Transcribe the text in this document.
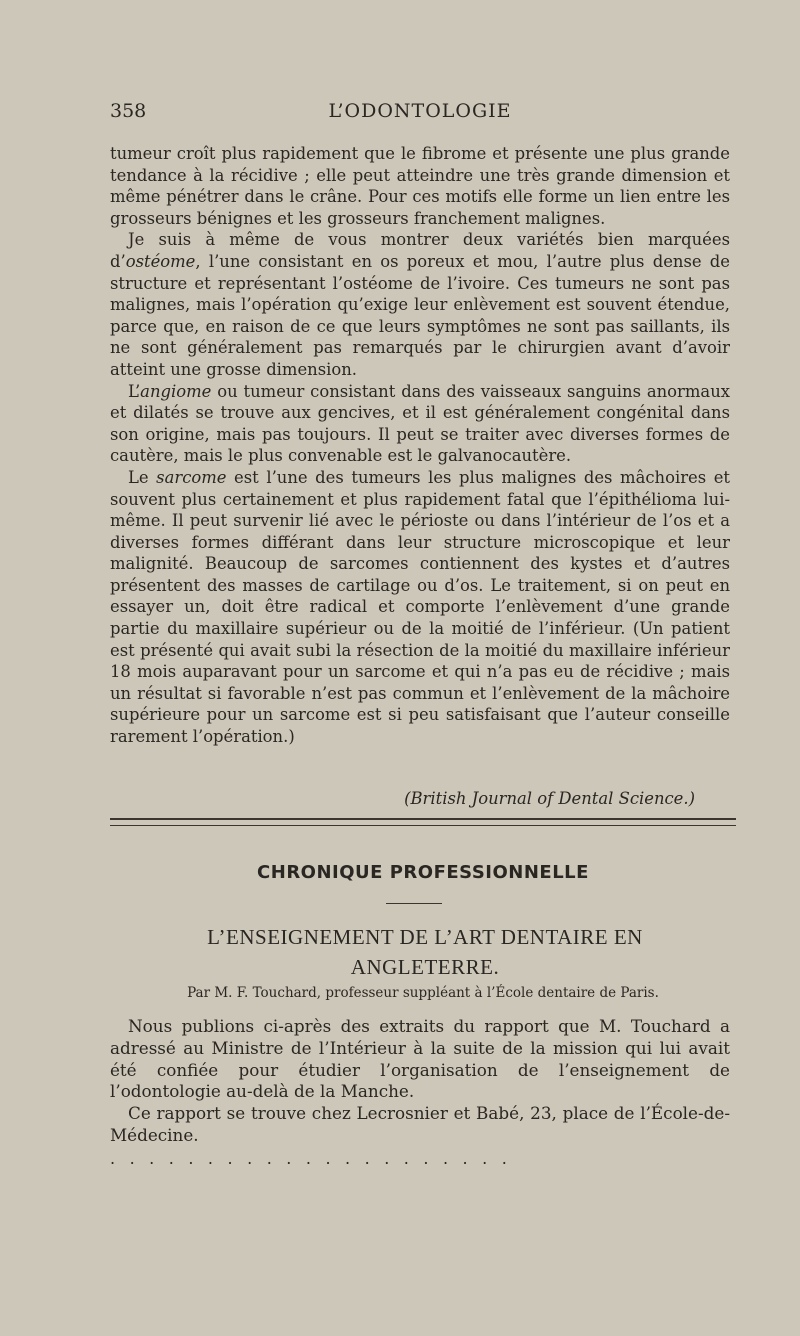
358	L’ODONTOLOGIE

tumeur croît plus rapidement que le fibrome et présente une plus grande tendance à la récidive ; elle peut atteindre une très grande dimension et même pénétrer dans le crâne. Pour ces motifs elle forme un lien entre les grosseurs bénignes et les grosseurs franchement malignes.

Je suis à même de vous montrer deux variétés bien marquées d’ostéome, l’une consistant en os poreux et mou, l’autre plus dense de structure et représentant l’ostéome de l’ivoire. Ces tumeurs ne sont pas malignes, mais l’opération qu’exige leur enlèvement est souvent étendue, parce que, en raison de ce que leurs symptômes ne sont pas saillants, ils ne sont généralement pas remarqués par le chirurgien avant d’avoir atteint une grosse dimension.

L’angiome ou tumeur consistant dans des vaisseaux sanguins anormaux et dilatés se trouve aux gencives, et il est généralement congénital dans son origine, mais pas toujours. Il peut se traiter avec diverses formes de cautère, mais le plus convenable est le galvanocautère.

Le sarcome est l’une des tumeurs les plus malignes des mâchoires et souvent plus certainement et plus rapidement fatal que l’épithélioma lui-même. Il peut survenir lié avec le périoste ou dans l’intérieur de l’os et a diverses formes différant dans leur structure microscopique et leur malignité. Beaucoup de sarcomes contiennent des kystes et d’autres présentent des masses de cartilage ou d’os. Le traitement, si on peut en essayer un, doit être radical et comporte l’enlèvement d’une grande partie du maxillaire supérieur ou de la moitié de l’inférieur. (Un patient est présenté qui avait subi la résection de la moitié du maxillaire inférieur 18 mois auparavant pour un sarcome et qui n’a pas eu de récidive ; mais un résultat si favorable n’est pas commun et l’enlèvement de la mâchoire supérieure pour un sarcome est si peu satisfaisant que l’auteur conseille rarement l’opération.)

(British Journal of Dental Science.)
CHRONIQUE PROFESSIONNELLE
L’ENSEIGNEMENT DE L’ART DENTAIRE EN
ANGLETERRE.
Par M. F. Touchard, professeur suppléant à l’École dentaire de Paris.

Nous publions ci-après des extraits du rapport que M. Touchard a adressé au Ministre de l’Intérieur à la suite de la mission qui lui avait été confiée pour étudier l’organisation de l’enseignement de l’odontologie au-delà de la Manche.

Ce rapport se trouve chez Lecrosnier et Babé, 23, place de l’École-de-Médecine.

.....................
